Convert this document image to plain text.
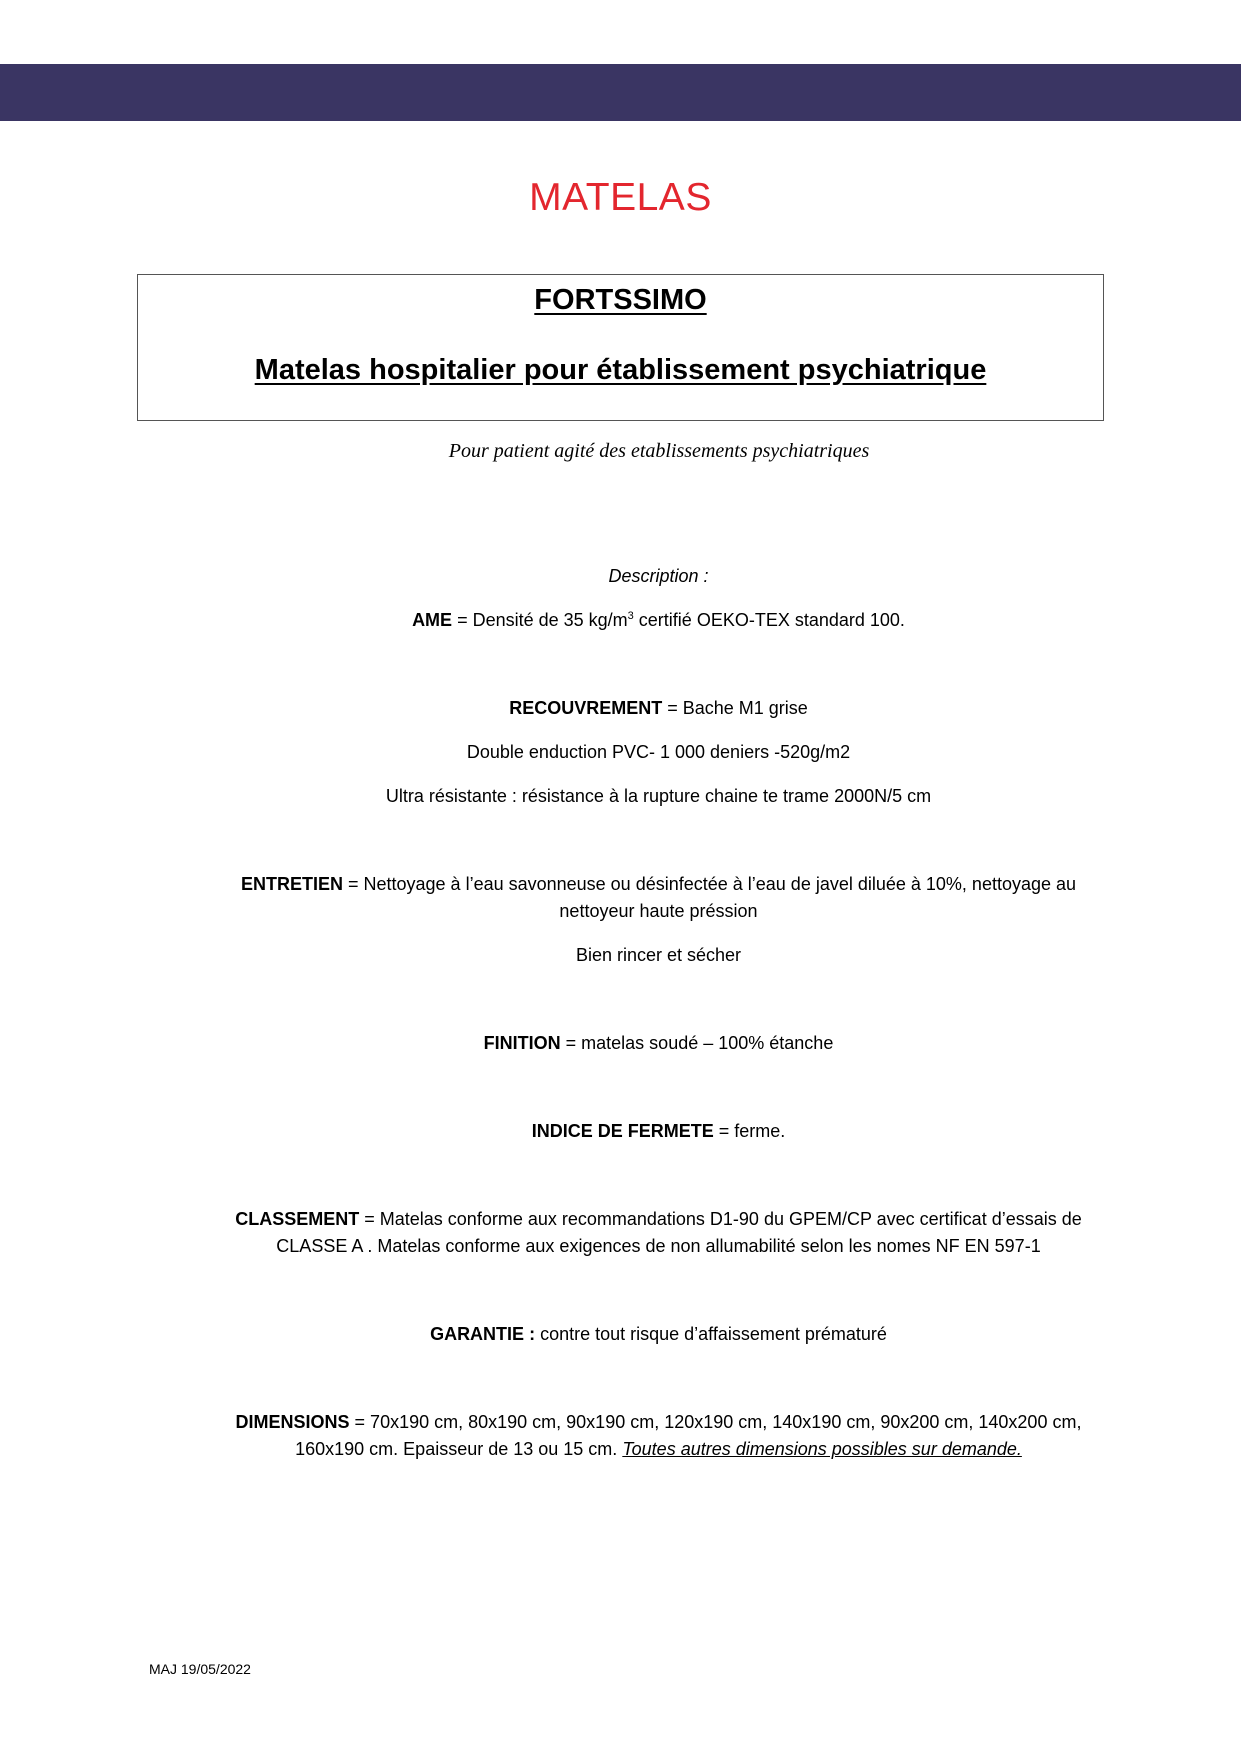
MATELAS
FORTSSIMO
Matelas hospitalier pour établissement psychiatrique
Pour patient agité des etablissements psychiatriques

Description :

AME = Densité de 35 $kg/m^3$ certifié OEKO-TEX standard 100.

RECOUVREMENT = Bache M1 grise

Double enduction PVC- 1 000 deniers -520g/m2

Ultra résistante : résistance à la rupture chaine te trame 2000N/5 cm

ENTRETIEN = Nettoyage à l’eau savonneuse ou désinfectée à l’eau de javel diluée à 10%, nettoyage au nettoyeur haute préssion

Bien rincer et sécher

FINITION = matelas soudé – 100% étanche

INDICE DE FERMETE = ferme.

CLASSEMENT = Matelas conforme aux recommandations D1-90 du GPEM/CP avec certificat d’essais de CLASSE A . Matelas conforme aux exigences de non allumabilité selon les nomes NF EN 597-1

GARANTIE : contre tout risque d’affaissement prématuré

DIMENSIONS = 70x190 cm, 80x190 cm, 90x190 cm, 120x190 cm, 140x190 cm, 90x200 cm, 140x200 cm, 160x190 cm. Epaisseur de 13 ou 15 cm. Toutes autres dimensions possibles sur demande.

MAJ 19/05/2022
